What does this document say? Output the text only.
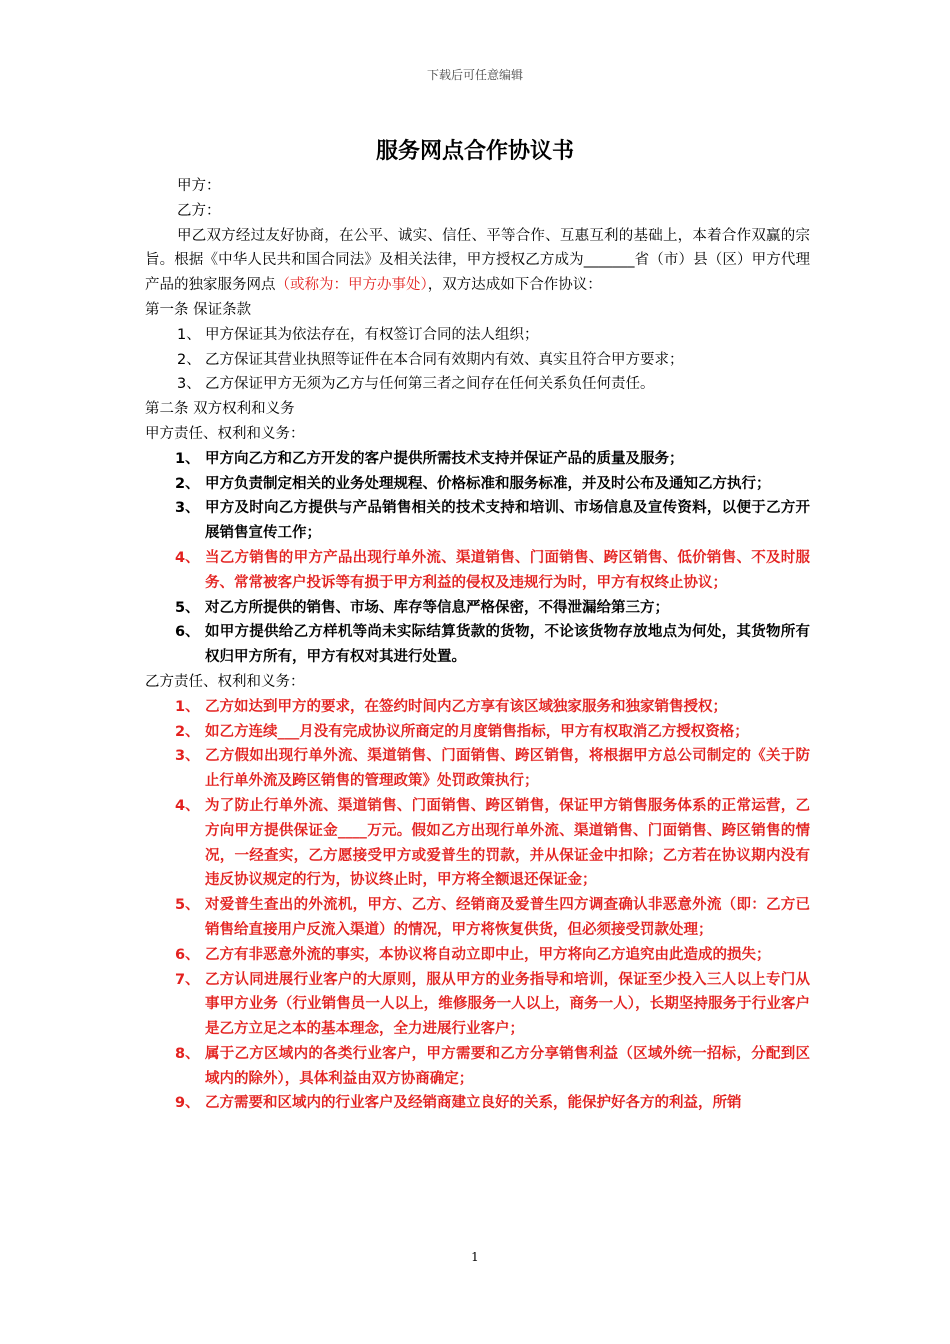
下载后可任意编辑
服务网点合作协议书

甲方：

乙方：

甲乙双方经过友好协商，在公平、诚实、信任、平等合作、互惠互利的基础上，本着合作双赢的宗旨。根据《中华人民共和国合同法》及相关法律，甲方授权乙方成为_______省（市）县（区）甲方代理产品的独家服务网点（或称为：甲方办事处），双方达成如下合作协议：

第一条 保证条款

1、 甲方保证其为依法存在，有权签订合同的法人组织；
2、 乙方保证其营业执照等证件在本合同有效期内有效、真实且符合甲方要求；
3、 乙方保证甲方无须为乙方与任何第三者之间存在任何关系负任何责任。

第二条 双方权利和义务

甲方责任、权利和义务：

1、 甲方向乙方和乙方开发的客户提供所需技术支持并保证产品的质量及服务；
2、 甲方负责制定相关的业务处理规程、价格标准和服务标准，并及时公布及通知乙方执行；
3、 甲方及时向乙方提供与产品销售相关的技术支持和培训、市场信息及宣传资料，以便于乙方开展销售宣传工作；
4、 当乙方销售的甲方产品出现行单外流、渠道销售、门面销售、跨区销售、低价销售、不及时服务、常常被客户投诉等有损于甲方利益的侵权及违规行为时，甲方有权终止协议；
5、 对乙方所提供的销售、市场、库存等信息严格保密，不得泄漏给第三方；
6、 如甲方提供给乙方样机等尚未实际结算货款的货物，不论该货物存放地点为何处，其货物所有权归甲方所有，甲方有权对其进行处置。

乙方责任、权利和义务：

1、 乙方如达到甲方的要求，在签约时间内乙方享有该区域独家服务和独家销售授权；
2、 如乙方连续___月没有完成协议所商定的月度销售指标，甲方有权取消乙方授权资格；
3、 乙方假如出现行单外流、渠道销售、门面销售、跨区销售，将根据甲方总公司制定的《关于防止行单外流及跨区销售的管理政策》处罚政策执行；
4、 为了防止行单外流、渠道销售、门面销售、跨区销售，保证甲方销售服务体系的正常运营，乙方向甲方提供保证金____万元。假如乙方出现行单外流、渠道销售、门面销售、跨区销售的情况，一经查实，乙方愿接受甲方或爱普生的罚款，并从保证金中扣除；乙方若在协议期内没有违反协议规定的行为，协议终止时，甲方将全额退还保证金；
5、 对爱普生查出的外流机，甲方、乙方、经销商及爱普生四方调查确认非恶意外流（即：乙方已销售给直接用户反流入渠道）的情况，甲方将恢复供货，但必须接受罚款处理；
6、 乙方有非恶意外流的事实，本协议将自动立即中止，甲方将向乙方追究由此造成的损失；
7、 乙方认同进展行业客户的大原则，服从甲方的业务指导和培训，保证至少投入三人以上专门从事甲方业务（行业销售员一人以上，维修服务一人以上，商务一人），长期坚持服务于行业客户是乙方立足之本的基本理念，全力进展行业客户；
8、 属于乙方区域内的各类行业客户，甲方需要和乙方分享销售利益（区域外统一招标，分配到区域内的除外），具体利益由双方协商确定；
9、 乙方需要和区域内的行业客户及经销商建立良好的关系，能保护好各方的利益，所销
1
